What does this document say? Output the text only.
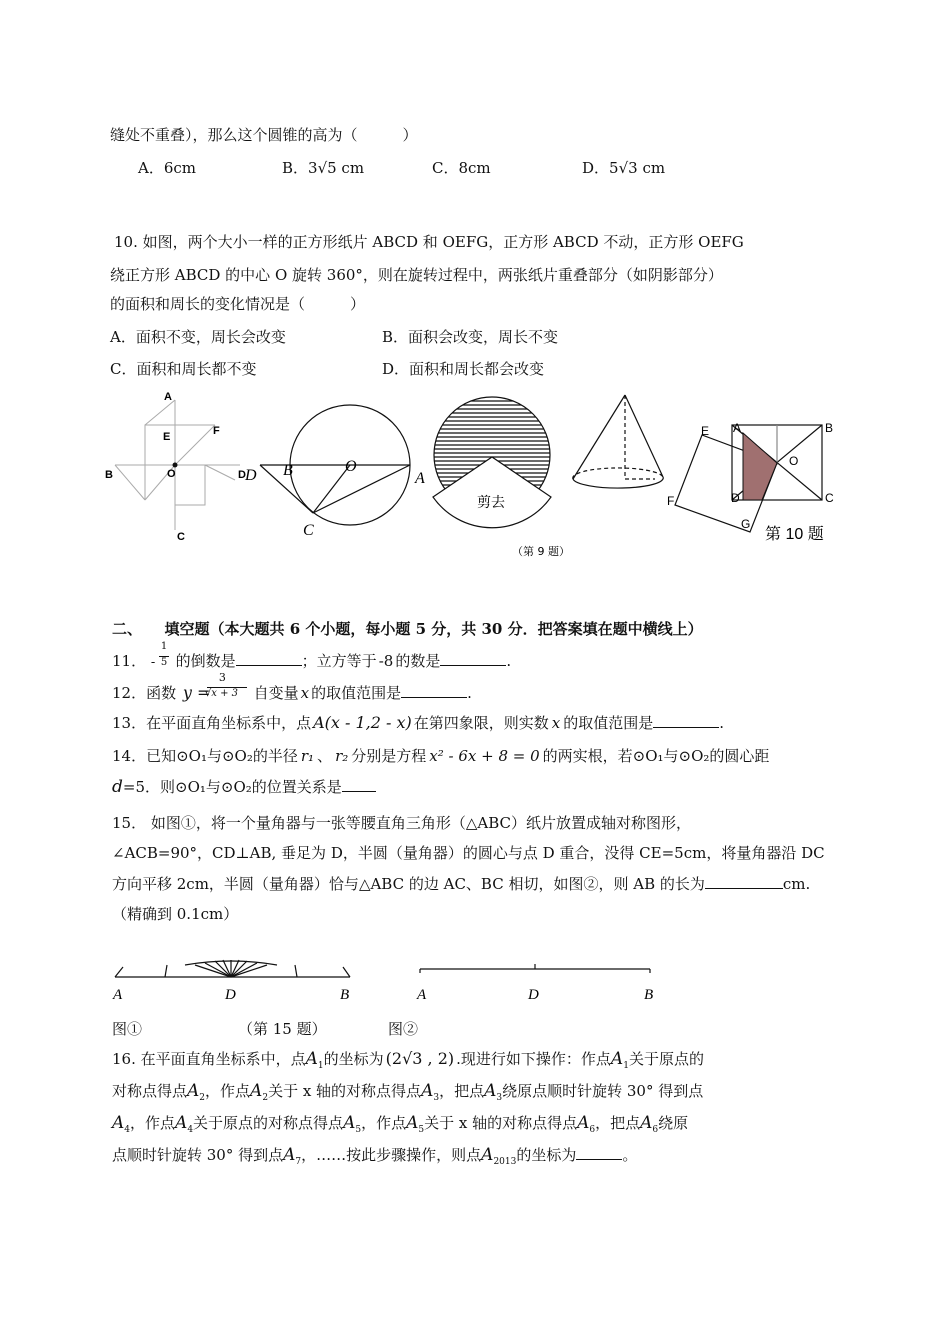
缝处不重叠），那么这个圆锥的高为（　　　）
A．6cm	B．3√5 cm	C．8cm	D．5√3 cm
10. 如图，两个大小一样的正方形纸片 ABCD 和 OEFG，正方形 ABCD 不动，正方形 OEFG
绕正方形 ABCD 的中心 O 旋转 360°，则在旋转过程中，两张纸片重叠部分（如阴影部分）
的面积和周长的变化情况是（　　　）
A．面积不变，周长会改变	B．面积会改变，周长不变
C．面积和周长都不变	D．面积和周长都会改变
A
E	F
B	O	D
C
D B	O
A
C
剪去
E A	B
O
F	D	C
G
第 10 题
（第 9 题）
二、　　填空题（本大题共 6 个小题，每小题 5 分，共 30 分．把答案填在题中横线上）
11． -
1
5 的倒数是	；立方等于 -8 的数是	.
12．函数 y =
3
√x + 3 自变量 x 的取值范围是	.
13．在平面直角坐标系中，点 A(x - 1,2 - x) 在第四象限，则实数 x 的取值范围是	.
14．已知⊙O₁与⊙O₂的半径 r₁ 、 r₂ 分别是方程 x² - 6x + 8 = 0 的两实根，若⊙O₁与⊙O₂的圆心距
d=5．则⊙O₁与⊙O₂的位置关系是
15． 如图①，将一个量角器与一张等腰直角三角形（△ABC）纸片放置成轴对称图形，
∠ACB=90°，CD⊥AB, 垂足为 D，半圆（量角器）的圆心与点 D 重合，没得 CE=5cm，将量角器沿 DC
方向平移 2cm，半圆（量角器）恰与△ABC 的边 AC、BC 相切，如图②，则 AB 的长为	cm.
（精确到 0.1cm）
A	D	B	A	D	B
图①	（第 15 题）	图②
16. 在平面直角坐标系中，点$A_1$的坐标为 (2√3 , 2) .现进行如下操作：作点$A_1$关于原点的
对称点得点$A_2$，作点$A_2$关于 x 轴的对称点得点$A_3$，把点$A_3$绕原点顺时针旋转 30° 得到点
$A_4$，作点$A_4$关于原点的对称点得点$A_5$，作点$A_5$关于 x 轴的对称点得点$A_6$，把点$A_6$绕原
点顺时针旋转 30° 得到点$A_7$，……按此步骤操作，则点$A_{2013}$的坐标为	。
